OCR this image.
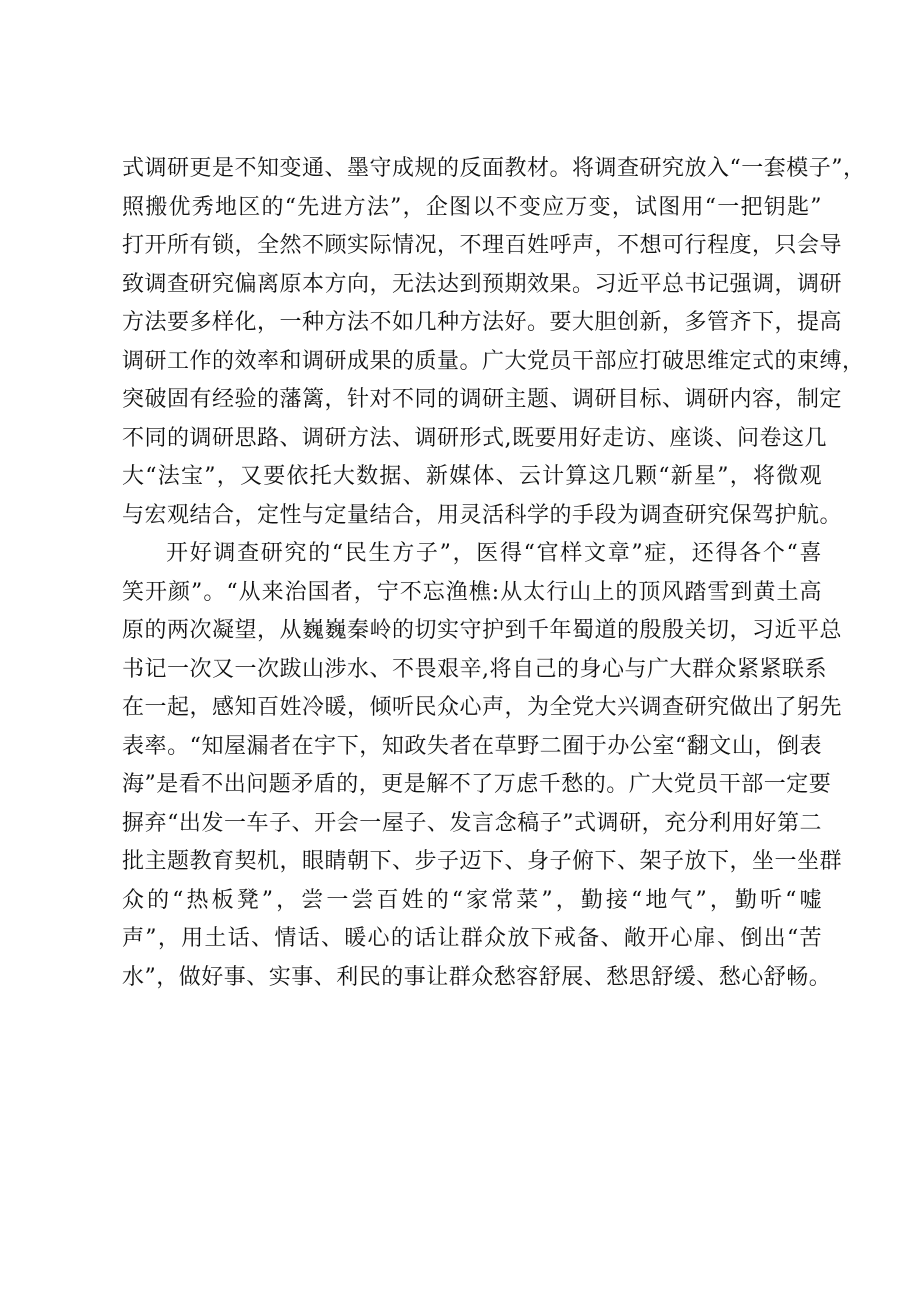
式调研更是不知变通、墨守成规的反面教材。将调查研究放入“一套模子”，
照搬优秀地区的“先进方法”，企图以不变应万变，试图用“一把钥匙”
打开所有锁，全然不顾实际情况，不理百姓呼声，不想可行程度，只会导
致调查研究偏离原本方向，无法达到预期效果。习近平总书记强调，调研
方法要多样化，一种方法不如几种方法好。要大胆创新，多管齐下，提高
调研工作的效率和调研成果的质量。广大党员干部应打破思维定式的束缚，
突破固有经验的藩篱，针对不同的调研主题、调研目标、调研内容，制定
不同的调研思路、调研方法、调研形式,既要用好走访、座谈、问卷这几
大“法宝”，又要依托大数据、新媒体、云计算这几颗“新星”，将微观
与宏观结合，定性与定量结合，用灵活科学的手段为调查研究保驾护航。
开好调查研究的“民生方子”，医得“官样文章”症，还得各个“喜
笑开颜”。“从来治国者，宁不忘渔樵:从太行山上的顶风踏雪到黄土高
原的两次凝望，从巍巍秦岭的切实守护到千年蜀道的殷殷关切，习近平总
书记一次又一次跋山涉水、不畏艰辛,将自己的身心与广大群众紧紧联系
在一起，感知百姓冷暖，倾听民众心声，为全党大兴调查研究做出了躬先
表率。“知屋漏者在宇下，知政失者在草野二囿于办公室“翻文山，倒表
海”是看不出问题矛盾的，更是解不了万虑千愁的。广大党员干部一定要
摒弃“出发一车子、开会一屋子、发言念稿子”式调研，充分利用好第二
批主题教育契机，眼睛朝下、步子迈下、身子俯下、架子放下，坐一坐群
众的“热板凳”，尝一尝百姓的“家常菜”，勤接“地气”，勤听“嘘
声”，用土话、情话、暖心的话让群众放下戒备、敞开心扉、倒出“苦
水”，做好事、实事、利民的事让群众愁容舒展、愁思舒缓、愁心舒畅。
